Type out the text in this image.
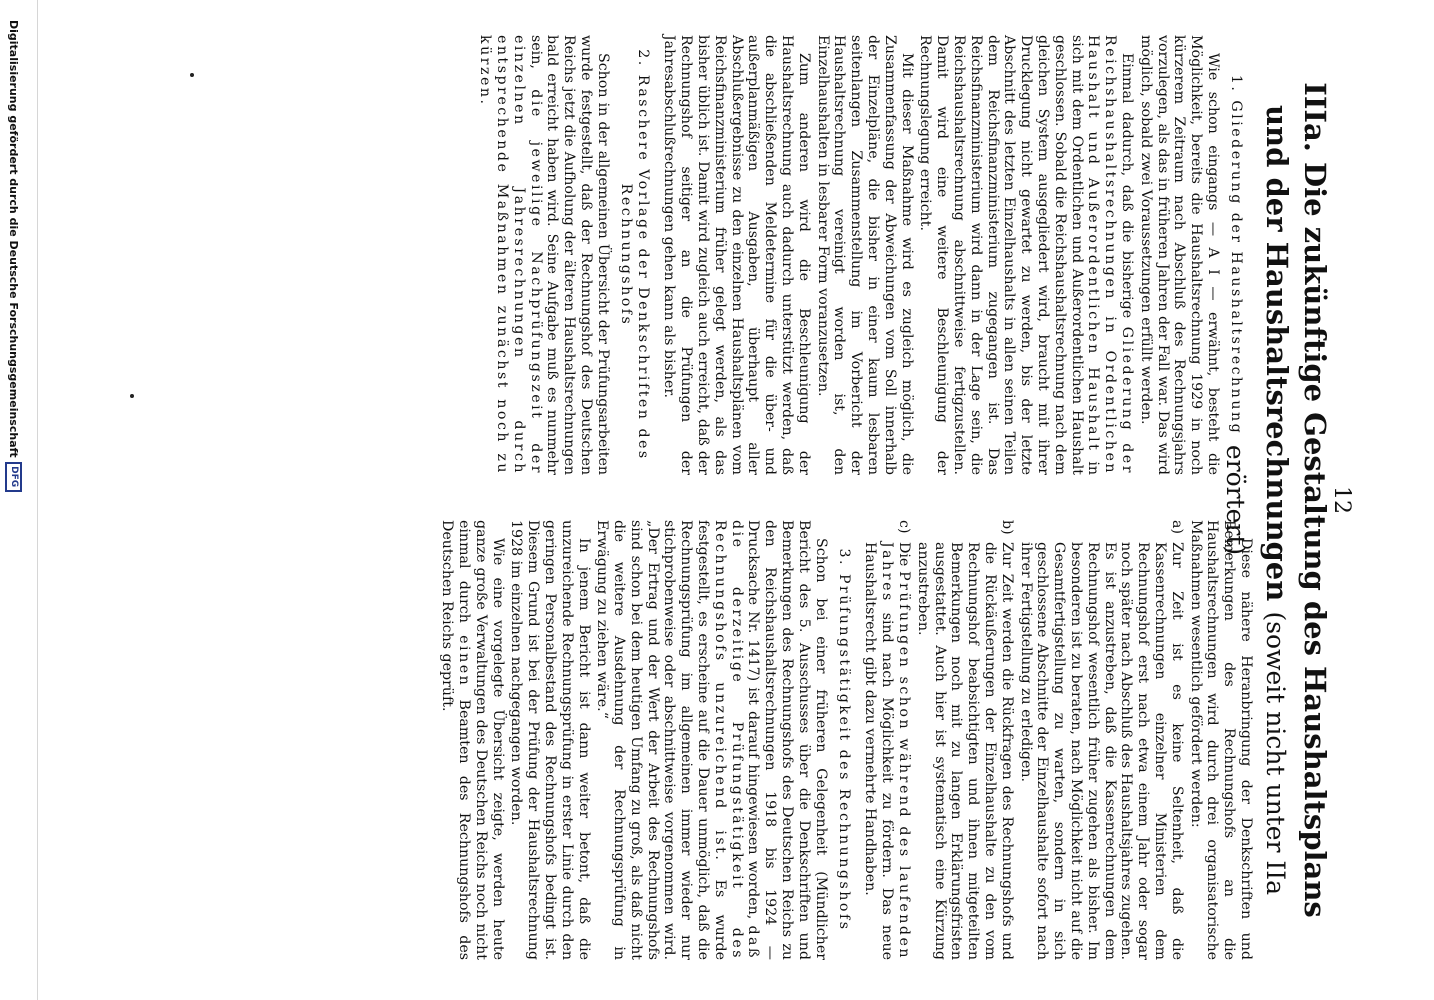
12
IIIa. Die zukünftige Gestaltung des Haushaltsplans und der Haushaltsrechnungen (soweit nicht unter IIa erörtert)
1. Gliederung der Haushaltsrechnung

Wie schon eingangs — A I — erwähnt, besteht die Möglichkeit, bereits die Haushaltsrechnung 1929 in noch kürzerem Zeitraum nach Abschluß des Rechnungsjahrs vorzulegen, als das in früheren Jahren der Fall war. Das wird möglich, sobald zwei Voraussetzungen erfüllt werden.

Einmal dadurch, daß die bisherige Gliederung der Reichshaushaltsrechnungen in Ordentlichen Haushalt und Außerordentlichen Haushalt in sich mit dem Ordentlichen und Außerordentlichen Haushalt geschlossen. Sobald die Reichshaushaltsrechnung nach dem gleichen System ausgegliedert wird, braucht mit ihrer Drucklegung nicht gewartet zu werden, bis der letzte Abschnitt des letzten Einzelhaushalts in allen seinen Teilen dem Reichsfinanzministerium zugegangen ist. Das Reichsfinanzministerium wird dann in der Lage sein, die Reichshaushaltsrechnung abschnittweise fertigzustellen. Damit wird eine weitere Beschleunigung der Rechnungslegung erreicht.

Mit dieser Maßnahme wird es zugleich möglich, die Zusammenfassung der Abweichungen vom Soll innerhalb der Einzelpläne, die bisher in einer kaum lesbaren seitenlangen Zusammenstellung im Vorbericht der Haushaltsrechnung vereinigt worden ist, den Einzelhaushalten in lesbarer Form voranzusetzen.

Zum anderen wird die Beschleunigung der Haushaltsrechnung auch dadurch unterstützt werden, daß die abschließenden Meldetermine für die über- und außerplanmäßigen Ausgaben, überhaupt aller Abschlußergebnisse zu den einzelnen Haushaltsplänen vom Reichsfinanzministerium früher gelegt werden, als das bisher üblich ist. Damit wird zugleich auch erreicht, daß der Rechnungshof seitiger an die Prüfungen der Jahresabschlußrechnungen gehen kann als bisher.

2. Raschere Vorlage der Denkschriften des Rechnungshofs

Schon in der allgemeinen Übersicht der Prüfungsarbeiten wurde festgestellt, daß der Rechnungshof des Deutschen Reichs jetzt die Aufholung der älteren Haushaltsrechnungen bald erreicht haben wird. Seine Aufgabe muß es nunmehr sein, die jeweilige Nachprüfungszeit der einzelnen Jahresrechnungen durch entsprechende Maßnahmen zunächst noch zu kürzen.

Diese nähere Heranbringung der Denkschriften und Bemerkungen des Rechnungshofs an die Haushaltsrechnungen wird durch drei organisatorische Maßnahmen wesentlich gefördert werden:

a)Zur Zeit ist es keine Seltenheit, daß die Kassenrechnungen einzelner Ministerien dem Rechnungshof erst nach etwa einem Jahr oder sogar noch später nach Abschluß des Haushaltsjahres zugehen. Es ist anzustreben, daß die Kassenrechnungen dem Rechnungshof wesentlich früher zugehen als bisher. Im besonderen ist zu beraten, nach Möglichkeit nicht auf die Gesamtfertigstellung zu warten, sondern in sich geschlossene Abschnitte der Einzelhaushalte sofort nach ihrer Fertigstellung zu erledigen.
b)Zur Zeit werden die Rückfragen des Rechnungshofs und die Rückäußerungen der Einzelhaushalte zu den vom Rechnungshof beabsichtigten und ihnen mitgeteilten Bemerkungen noch mit zu langen Erklärungsfristen ausgestattet. Auch hier ist systematisch eine Kürzung anzustreben.
c)Die Prüfungen schon während des laufenden Jahres sind nach Möglichkeit zu fördern. Das neue Haushaltsrecht gibt dazu vermehrte Handhaben.
3. Prüfungstätigkeit des Rechnungshofs

Schon bei einer früheren Gelegenheit (Mündlicher Bericht des 5. Ausschusses über die Denkschriften und Bemerkungen des Rechnungshofs des Deutschen Reichs zu den Reichshaushaltsrechnungen 1918 bis 1924 — Drucksache Nr. 1417) ist darauf hingewiesen worden, daß die derzeitige Prüfungstätigkeit des Rechnungshofs unzureichend ist. Es wurde festgestellt, es erscheine auf die Dauer unmöglich, daß die Rechnungsprüfung im allgemeinen immer wieder nur stichprobenweise oder abschnittweise vorgenommen wird. „Der Ertrag und der Wert der Arbeit des Rechnungshofs sind schon bei dem heutigen Umfang zu groß, als daß nicht die weitere Ausdehnung der Rechnungsprüfung in Erwägung zu ziehen wäre.“

In jenem Bericht ist dann weiter betont, daß die unzureichende Rechnungsprüfung in erster Linie durch den geringen Personalbestand des Rechnungshofs bedingt ist. Diesem Grund ist bei der Prüfung der Haushaltsrechnung 1928 im einzelnen nachgegangen worden.

Wie eine vorgelegte Übersicht zeigte, werden heute ganze große Verwaltungen des Deutschen Reichs noch nicht einmal durch einen Beamten des Rechnungshofs des Deutschen Reichs geprüft.

Digitalisierung gefördert durch die Deutsche Forschungsgemeinschaft
DFG
